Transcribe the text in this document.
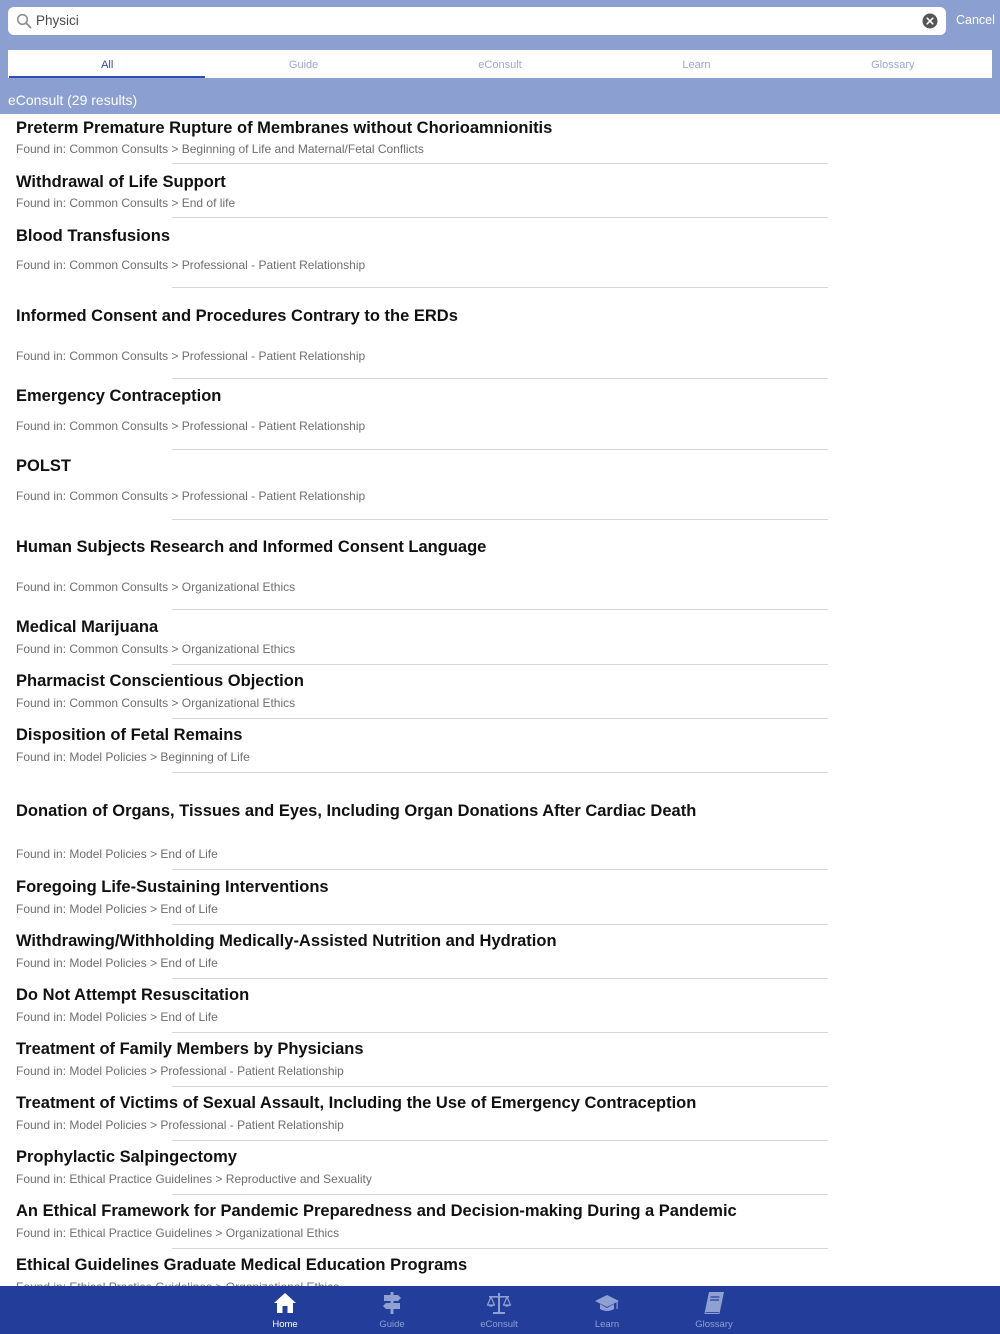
Physici	Cancel
All	Guide	eConsult	Learn	Glossary
eConsult (29 results)
Preterm Premature Rupture of Membranes without Chorioamnionitis
Found in: Common Consults > Beginning of Life and Maternal/Fetal Conflicts
Withdrawal of Life Support
Found in: Common Consults > End of life
Blood Transfusions
Found in: Common Consults > Professional - Patient Relationship
Informed Consent and Procedures Contrary to the ERDs
Found in: Common Consults > Professional - Patient Relationship
Emergency Contraception
Found in: Common Consults > Professional - Patient Relationship
POLST
Found in: Common Consults > Professional - Patient Relationship
Human Subjects Research and Informed Consent Language
Found in: Common Consults > Organizational Ethics
Medical Marijuana
Found in: Common Consults > Organizational Ethics
Pharmacist Conscientious Objection
Found in: Common Consults > Organizational Ethics
Disposition of Fetal Remains
Found in: Model Policies > Beginning of Life
Donation of Organs, Tissues and Eyes, Including Organ Donations After Cardiac Death
Found in: Model Policies > End of Life
Foregoing Life-Sustaining Interventions
Found in: Model Policies > End of Life
Withdrawing/Withholding Medically-Assisted Nutrition and Hydration
Found in: Model Policies > End of Life
Do Not Attempt Resuscitation
Found in: Model Policies > End of Life
Treatment of Family Members by Physicians
Found in: Model Policies > Professional - Patient Relationship
Treatment of Victims of Sexual Assault, Including the Use of Emergency Contraception
Found in: Model Policies > Professional - Patient Relationship
Prophylactic Salpingectomy
Found in: Ethical Practice Guidelines > Reproductive and Sexuality
An Ethical Framework for Pandemic Preparedness and Decision-making During a Pandemic
Found in: Ethical Practice Guidelines > Organizational Ethics
Ethical Guidelines Graduate Medical Education Programs
Home	Guide	eConsult	Learn	Glossary
